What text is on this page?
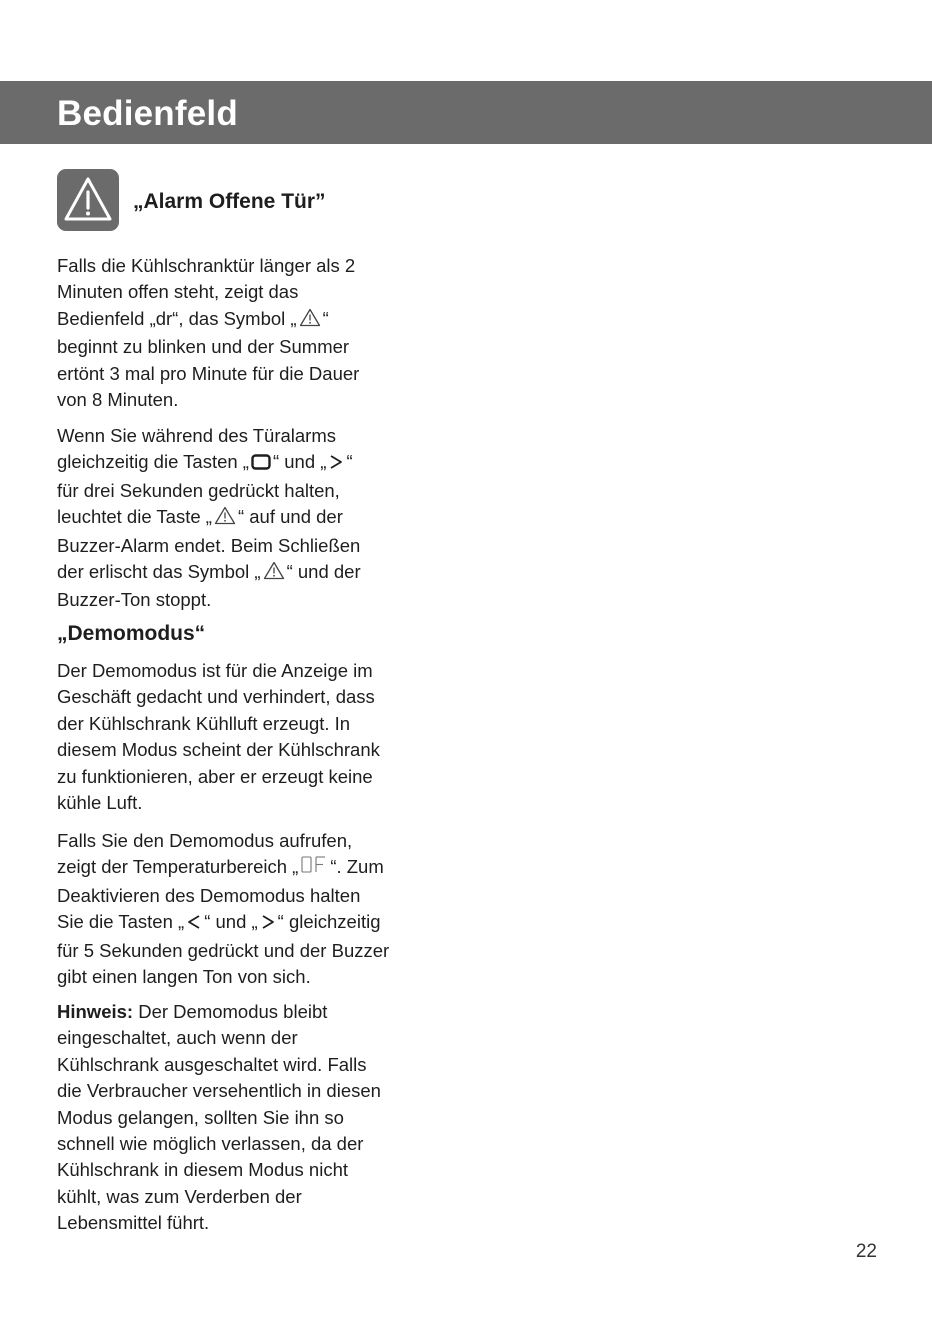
Bedienfeld
„Alarm Offene Tür”

Falls die Kühlschranktür länger als 2
Minuten offen steht, zeigt das
Bedienfeld „dr“, das Symbol „ “
beginnt zu blinken und der Summer
ertönt 3 mal pro Minute für die Dauer
von 8 Minuten.

Wenn Sie während des Türalarms
gleichzeitig die Tasten „ “ und „ “
für drei Sekunden gedrückt halten,
leuchtet die Taste „ “ auf und der
Buzzer-Alarm endet. Beim Schließen
der erlischt das Symbol „ “ und der
Buzzer-Ton stoppt.

„Demomodus“

Der Demomodus ist für die Anzeige im
Geschäft gedacht und verhindert, dass
der Kühlschrank Kühlluft erzeugt. In
diesem Modus scheint der Kühlschrank
zu funktionieren, aber er erzeugt keine
kühle Luft.

Falls Sie den Demomodus aufrufen,
zeigt der Temperaturbereich „ “. Zum
Deaktivieren des Demomodus halten
Sie die Tasten „ “ und „ “ gleichzeitig
für 5 Sekunden gedrückt und der Buzzer
gibt einen langen Ton von sich.

Hinweis: Der Demomodus bleibt
eingeschaltet, auch wenn der
Kühlschrank ausgeschaltet wird. Falls
die Verbraucher versehentlich in diesen
Modus gelangen, sollten Sie ihn so
schnell wie möglich verlassen, da der
Kühlschrank in diesem Modus nicht
kühlt, was zum Verderben der
Lebensmittel führt.

22
